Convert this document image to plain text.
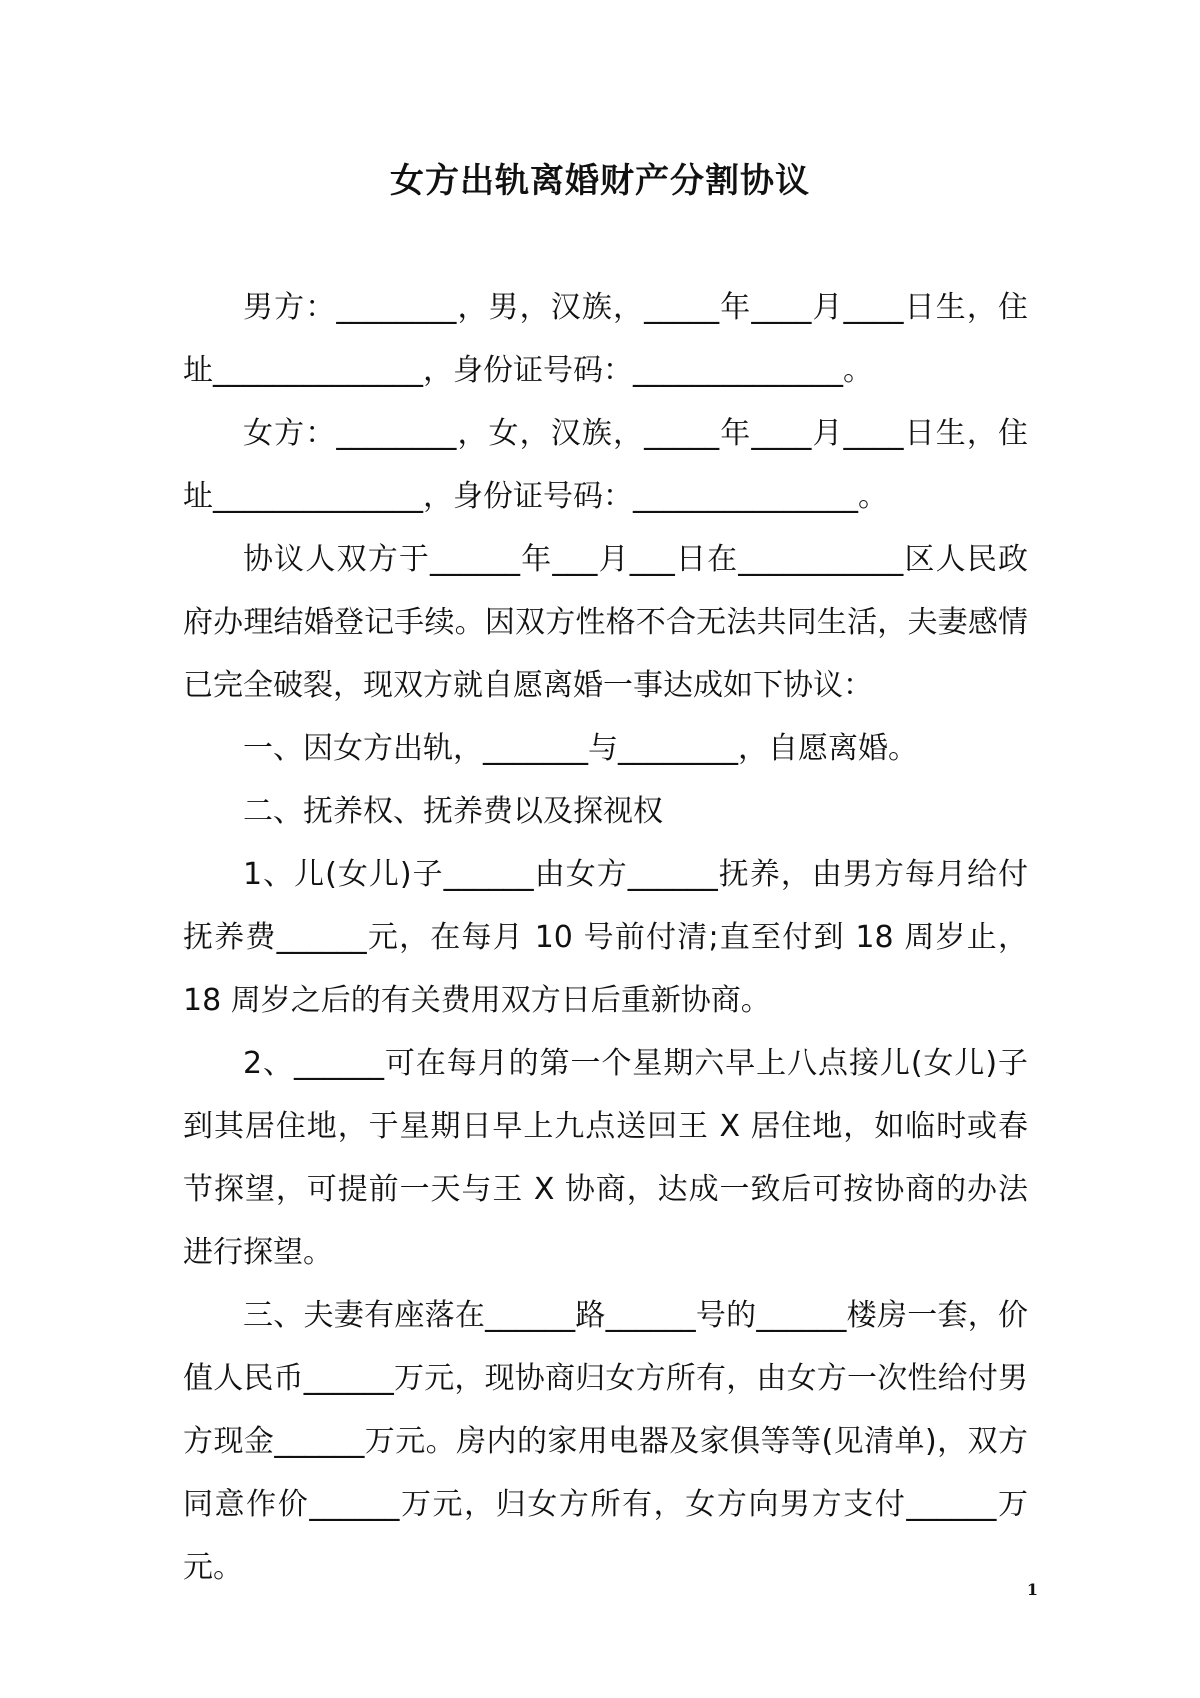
女方出轨离婚财产分割协议

男方：________，男，汉族，_____年____月____日生，住址______________，身份证号码：______________。

女方：________，女，汉族，_____年____月____日生，住址______________，身份证号码：_______________。

协议人双方于______年___月___日在___________区人民政府办理结婚登记手续。因双方性格不合无法共同生活，夫妻感情已完全破裂，现双方就自愿离婚一事达成如下协议：

一、因女方出轨，_______与________，自愿离婚。

二、抚养权、抚养费以及探视权

1、儿(女儿)子______由女方______抚养，由男方每月给付抚养费______元，在每月 10 号前付清;直至付到 18 周岁止，18 周岁之后的有关费用双方日后重新协商。

2、______可在每月的第一个星期六早上八点接儿(女儿)子到其居住地，于星期日早上九点送回王 X 居住地，如临时或春节探望，可提前一天与王 X 协商，达成一致后可按协商的办法进行探望。

三、夫妻有座落在______路______号的______楼房一套，价值人民币______万元，现协商归女方所有，由女方一次性给付男方现金______万元。房内的家用电器及家俱等等(见清单)，双方同意作价______万元，归女方所有，女方向男方支付______万元。

1
